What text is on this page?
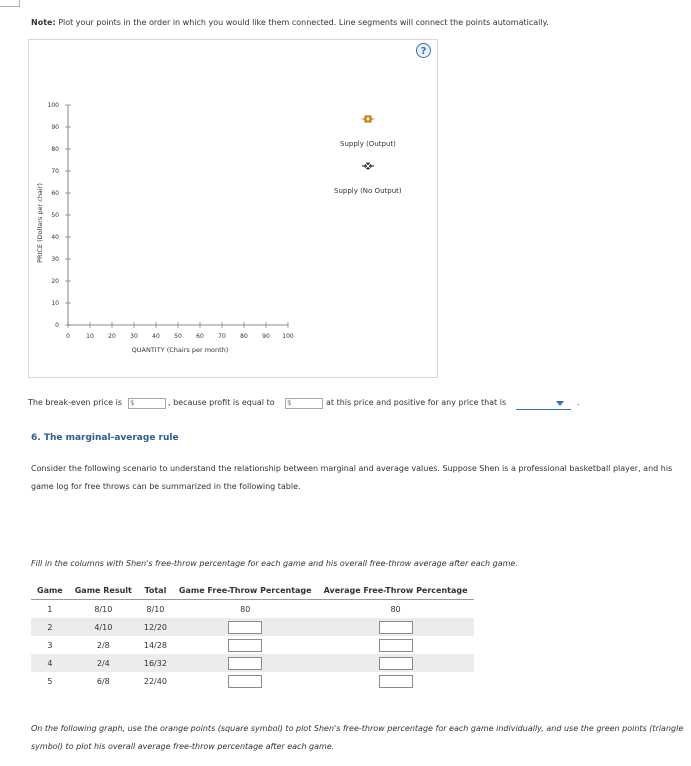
Note: Plot your points in the order in which you would like them connected. Line segments will connect the points automatically.
0	10 20 30 40 50 60 70 80 90 100
0
10
20
30
40
50
60
70
80
90
100
PRICE (Dollars per chair)
QUANTITY (Chairs per month)
?
Supply (Output)
Supply (No Output)
The break-even price is $	, because profit is equal to $	at this price and positive for any price that is	.
6. The marginal-average rule
Consider the following scenario to understand the relationship between marginal and average values. Suppose Shen is a professional basketball player, and his game log for free throws can be summarized in the following table.
Fill in the columns with Shen's free-throw percentage for each game and his overall free-throw average after each game.
Game	Game Result	Total	Game Free-Throw Percentage	Average Free-Throw Percentage
1	8/10	8/10	80	80
2	4/10	12/20		
3	2/8	14/28		
4	2/4	16/32		
5	6/8	22/40		
On the following graph, use the orange points (square symbol) to plot Shen's free-throw percentage for each game individually, and use the green points (triangle symbol) to plot his overall average free-throw percentage after each game.
